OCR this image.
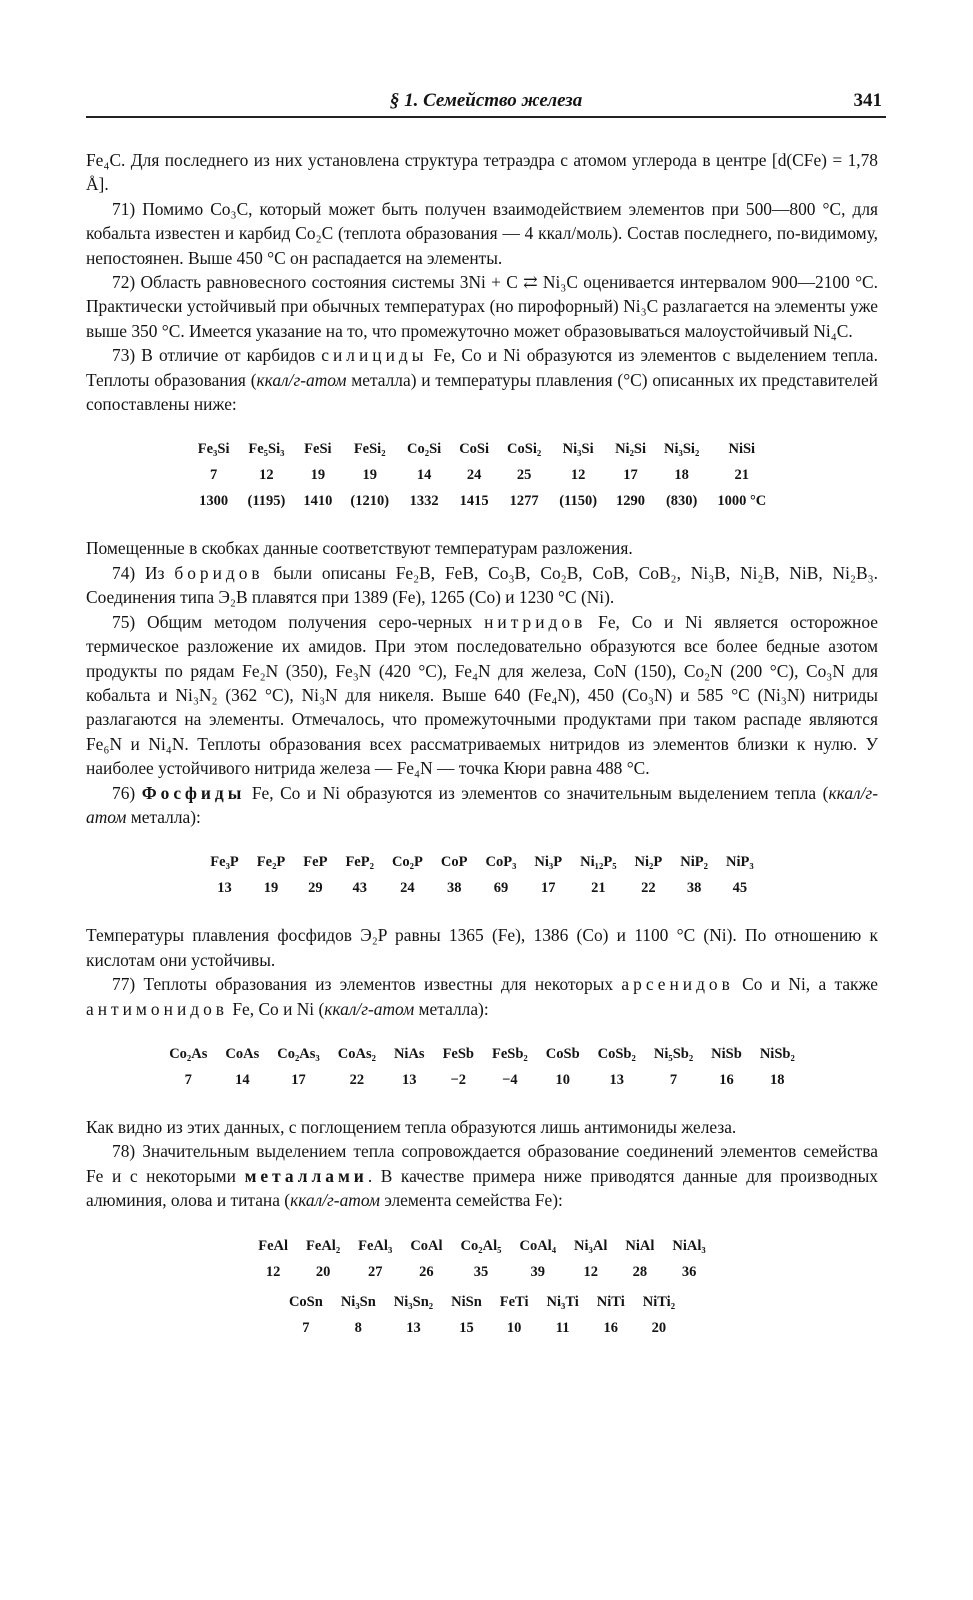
§ 1. Семейство железа	341

Fe₄C. Для последнего из них установлена структура тетраэдра с атомом углерода в центре [d(CFe) = 1,78 Å].

71) Помимо Co₃C, который может быть получен взаимодействием элементов при 500—800 °C, для кобальта известен и карбид Co₂C (теплота образования — 4 ккал/моль). Состав последнего, по-видимому, непостоянен. Выше 450 °C он распадается на элементы.

72) Область равновесного состояния системы 3Ni + C ⇄ Ni₃C оценивается интервалом 900—2100 °C. Практически устойчивый при обычных температурах (но пирофорный) Ni₃C разлагается на элементы уже выше 350 °C. Имеется указание на то, что промежуточно может образовываться малоустойчивый Ni₄C.

73) В отличие от карбидов силициды Fe, Co и Ni образуются из элементов с выделением тепла. Теплоты образования (ккал/г-атом металла) и температуры плавления (°C) описанных их представителей сопоставлены ниже:

Fe₃Si	Fe₅Si₃	FeSi	FeSi₂	Co₂Si	CoSi	CoSi₂	Ni₃Si	Ni₂Si	Ni₃Si₂	NiSi
7	12	19	19	14	24	25	12	17	18	21
1300	(1195)	1410	(1210)	1332	1415	1277	(1150)	1290	(830)	1000 °C

Помещенные в скобках данные соответствуют температурам разложения.

74) Из боридов были описаны Fe₂B, FeB, Co₃B, Co₂B, CoB, CoB₂, Ni₃B, Ni₂B, NiB, Ni₂B₃. Соединения типа Э₂B плавятся при 1389 (Fe), 1265 (Co) и 1230 °C (Ni).

75) Общим методом получения серо-черных нитридов Fe, Co и Ni является осторожное термическое разложение их амидов. При этом последовательно образуются все более бедные азотом продукты по рядам Fe₂N (350), Fe₃N (420 °C), Fe₄N для железа, CoN (150), Co₂N (200 °C), Co₃N для кобальта и Ni₃N₂ (362 °C), Ni₃N для никеля. Выше 640 (Fe₄N), 450 (Co₃N) и 585 °C (Ni₃N) нитриды разлагаются на элементы. Отмечалось, что промежуточными продуктами при таком распаде являются Fe₆N и Ni₄N. Теплоты образования всех рассматриваемых нитридов из элементов близки к нулю. У наиболее устойчивого нитрида железа — Fe₄N — точка Кюри равна 488 °C.

76) Фосфиды Fe, Co и Ni образуются из элементов со значительным выделением тепла (ккал/г-атом металла):

Fe₃P	Fe₂P	FeP	FeP₂	Co₂P	CoP	CoP₃	Ni₃P	Ni₁₂P₅	Ni₂P	NiP₂	NiP₃
13	19	29	43	24	38	69	17	21	22	38	45

Температуры плавления фосфидов Э₂P равны 1365 (Fe), 1386 (Co) и 1100 °C (Ni). По отношению к кислотам они устойчивы.

77) Теплоты образования из элементов известны для некоторых арсенидов Co и Ni, а также антимонидов Fe, Co и Ni (ккал/г-атом металла):

Co₂As	CoAs	Co₂As₃	CoAs₂	NiAs	FeSb	FeSb₂	CoSb	CoSb₂	Ni₅Sb₂	NiSb	NiSb₂
7	14	17	22	13	−2	−4	10	13	7	16	18

Как видно из этих данных, с поглощением тепла образуются лишь антимониды железа.

78) Значительным выделением тепла сопровождается образование соединений элементов семейства Fe и с некоторыми металлами. В качестве примера ниже приводятся данные для производных алюминия, олова и титана (ккал/г-атом элемента семейства Fe):

FeAl	FeAl₂	FeAl₃	CoAl	Co₂Al₅	CoAl₄	Ni₃Al	NiAl	NiAl₃
12	20	27	26	35	39	12	28	36
CoSn	Ni₃Sn	Ni₃Sn₂	NiSn	FeTi	Ni₃Ti	NiTi	NiTi₂
7	8	13	15	10	11	16	20
